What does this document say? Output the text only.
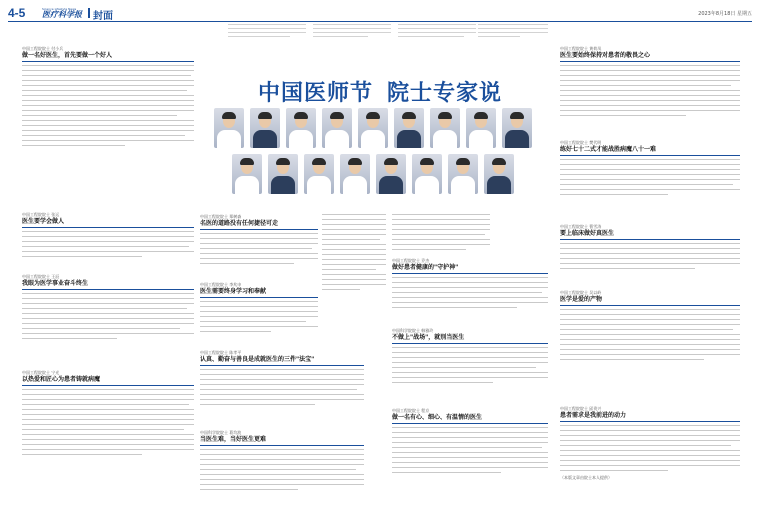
4-5	Science Lifestyle News
医疗科学报	封面	2023年8月18日 星期五
中国工程院院士 付小兵
做一名好医生，首先要做一个好人
中国工程院院士 张运
医生要学会做人
中国工程院院士 王辰
我眼为医学事业奋斗终生
中国工程院院士 宁光
以热爱和匠心为患者铸就病魔
中国医师节 院士专家说
中国工程院院士 郑树森
名医的道路没有任何捷径可走
中国工程院院士 李兆申
医生需要终身学习和奉献
中国工程院院士 陈孝平
认真、勤奋与善良是成就医生的三件"法宝"
中国科学院院士 葛均波
当医生难，当好医生更难
中国工程院院士 乔杰
做好患者健康的"守护神"
中国科学院院士 韩雅玲
不做上"战场"，就别当医生
中国工程院院士 程京
做一名有心、细心、有温情的医生
中国工程院院士 黄荷凤
医生要始终保持对患者的敬畏之心
中国工程院院士 樊代明
练好七十二式才能战胜病魔八十一难
中国工程院院士 曹雪涛
要上临床做好真医生
中国工程院院士 吴以岭
医学是爱的产物
中国工程院院士 邱贵兴
患者需求是我前进的动力
（本版文章由院士本人提供）
